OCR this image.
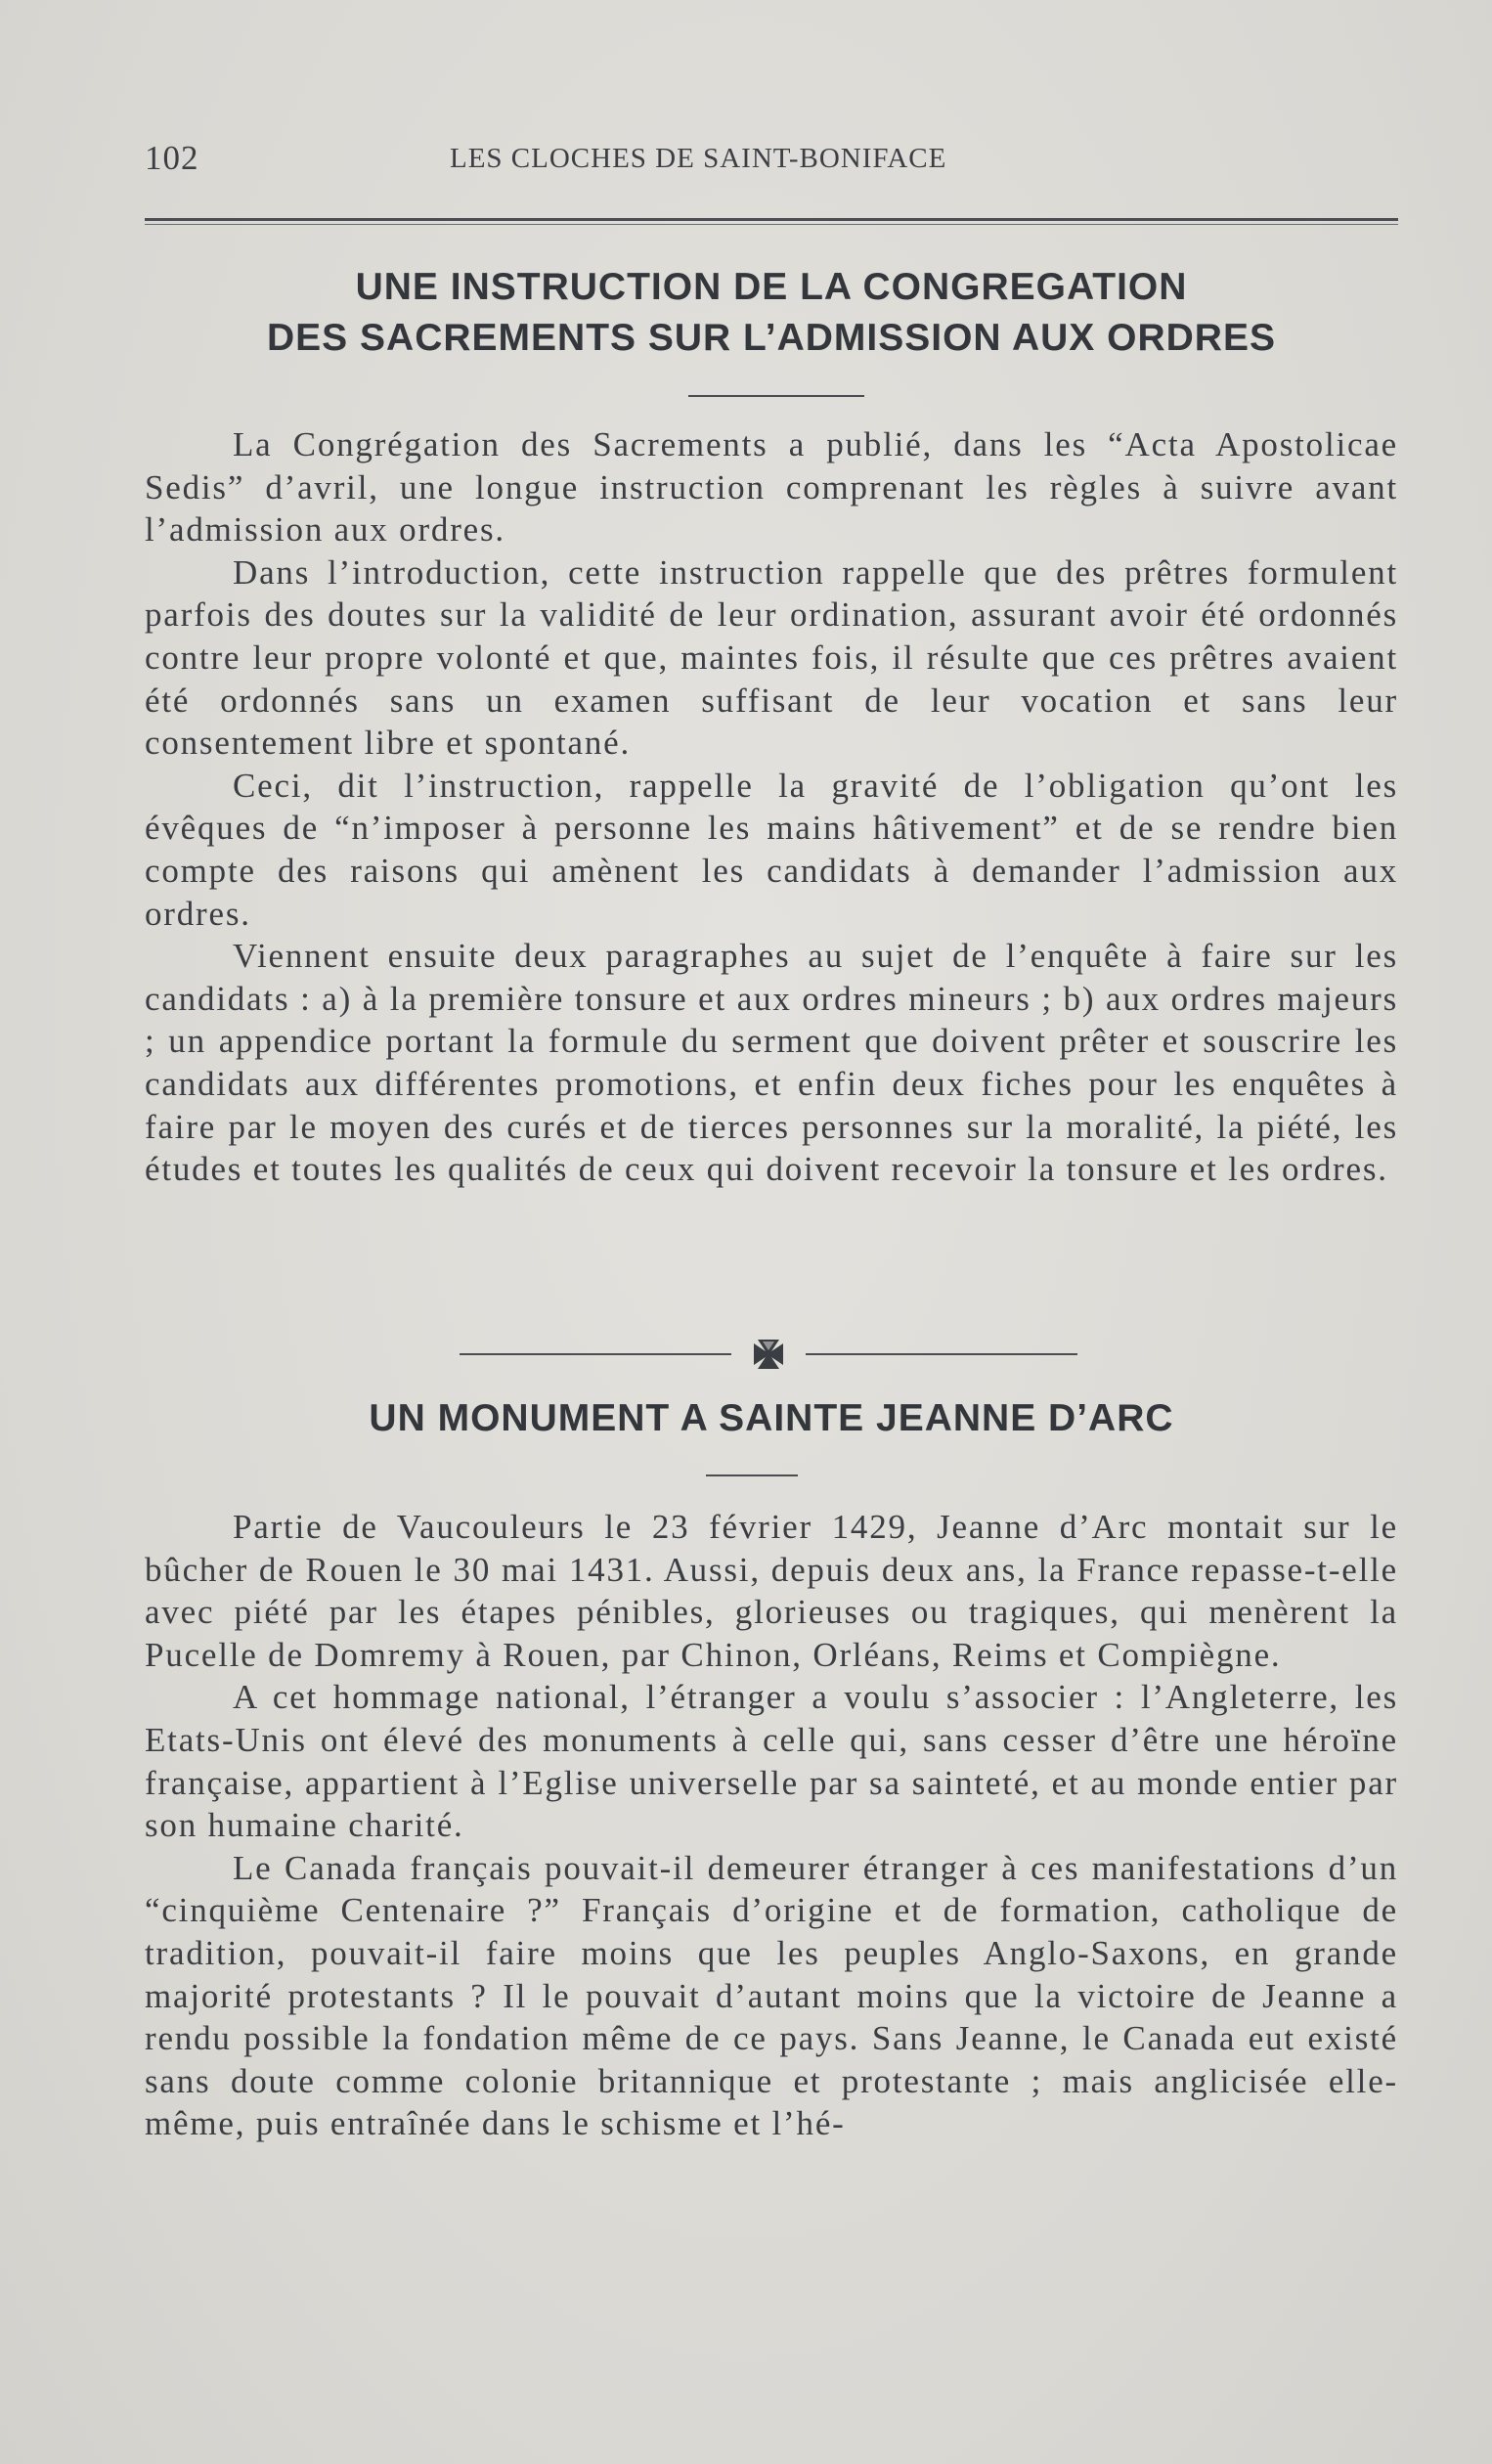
102	LES CLOCHES DE SAINT-BONIFACE
UNE INSTRUCTION DE LA CONGREGATION
DES SACREMENTS SUR L’ADMISSION AUX ORDRES

La Congrégation des Sacrements a publié, dans les “Acta Apostolicae Sedis” d’avril, une longue instruction comprenant les règles à suivre avant l’admission aux ordres.

Dans l’introduction, cette instruction rappelle que des prêtres formulent parfois des doutes sur la validité de leur ordination, assurant avoir été ordonnés contre leur propre volonté et que, maintes fois, il résulte que ces prêtres avaient été ordonnés sans un examen suffisant de leur vocation et sans leur consentement libre et spontané.

Ceci, dit l’instruction, rappelle la gravité de l’obligation qu’ont les évêques de “n’imposer à personne les mains hâtivement” et de se rendre bien compte des raisons qui amènent les candidats à demander l’admission aux ordres.

Viennent ensuite deux paragraphes au sujet de l’enquête à faire sur les candidats : a) à la première tonsure et aux ordres mineurs ; b) aux ordres majeurs ; un appendice portant la formule du serment que doivent prêter et souscrire les candidats aux différentes promotions, et enfin deux fiches pour les enquêtes à faire par le moyen des curés et de tierces personnes sur la moralité, la piété, les études et toutes les qualités de ceux qui doivent recevoir la tonsure et les ordres.

UN MONUMENT A SAINTE JEANNE D’ARC

Partie de Vaucouleurs le 23 février 1429, Jeanne d’Arc montait sur le bûcher de Rouen le 30 mai 1431. Aussi, depuis deux ans, la France repasse-t-elle avec piété par les étapes pénibles, glorieuses ou tragiques, qui menèrent la Pucelle de Domremy à Rouen, par Chinon, Orléans, Reims et Compiègne.

A cet hommage national, l’étranger a voulu s’associer : l’Angleterre, les Etats-Unis ont élevé des monuments à celle qui, sans cesser d’être une héroïne française, appartient à l’Eglise universelle par sa sainteté, et au monde entier par son humaine charité.

Le Canada français pouvait-il demeurer étranger à ces manifestations d’un “cinquième Centenaire ?” Français d’origine et de formation, catholique de tradition, pouvait-il faire moins que les peuples Anglo-Saxons, en grande majorité protestants ? Il le pouvait d’autant moins que la victoire de Jeanne a rendu possible la fondation même de ce pays. Sans Jeanne, le Canada eut existé sans doute comme colonie britannique et protestante ; mais anglicisée elle-même, puis entraînée dans le schisme et l’hé-
